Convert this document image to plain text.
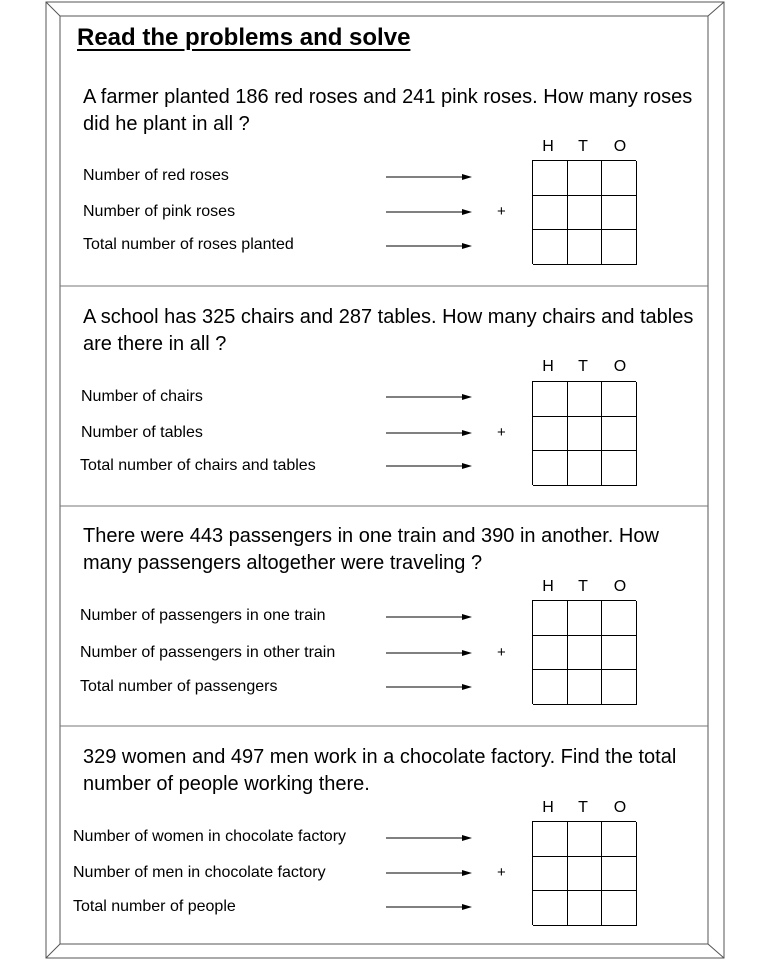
Read the problems and solve
A farmer planted 186 red roses and 241 pink roses. How many roses did he plant in all ?
H	T	O
Number of red roses
Number of pink roses
Total number of roses planted
+
A school has 325 chairs and 287 tables. How many chairs and tables are there in all ?
H	T	O
Number of chairs
Number of tables
Total number of chairs and tables
+
There were 443 passengers in one train and 390 in another. How many passengers altogether were traveling ?
H	T	O
Number of passengers in one train
Number of passengers in other train
Total number of passengers
+
329 women and 497 men work in a chocolate factory. Find the total number of people working there.
H	T	O
Number of women in chocolate factory
Number of men in chocolate factory
Total number of people
+
